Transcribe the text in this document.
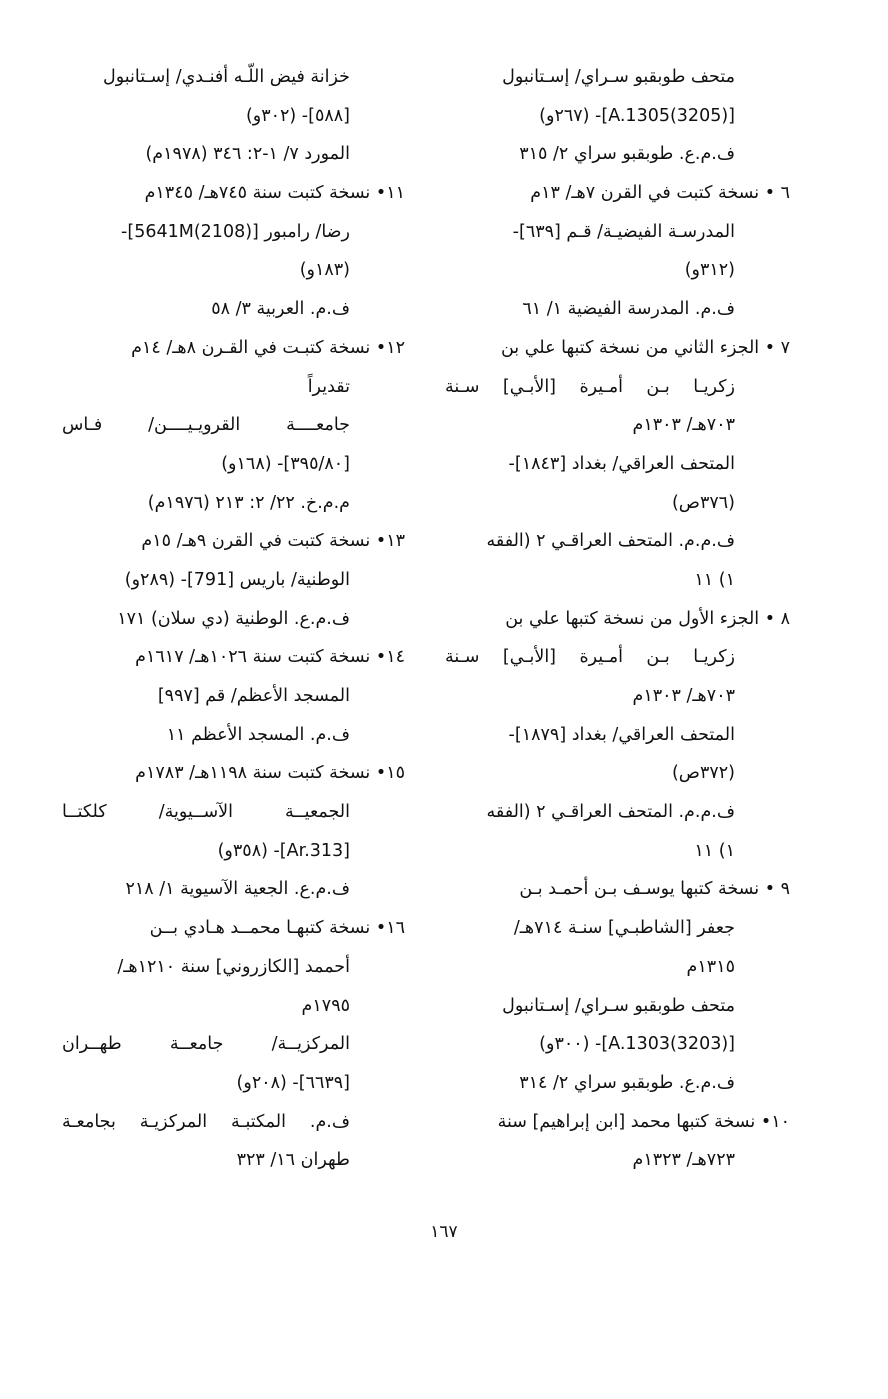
متحف طوبقبو سـراي/ إسـتانبول
[(3205)A.1305]- (٢٦٧و)
ف.م.ع. طوبقبو سراي ٢/ ٣١٥
٦ • نسخة كتبت في القرن ٧هـ/ ١٣م
المدرسـة الفيضيـة/ قـم [٦٣٩]-
(٣١٢و)
ف.م. المدرسة الفيضية ١/ ٦١
٧ • الجزء الثاني من نسخة كتبها علي بن
زكريـا بـن أمـيرة [الأبـي] سـنة
٧٠٣هـ/ ١٣٠٣م
المتحف العراقي/ بغداد [١٨٤٣]-
(٣٧٦ص)
ف.م.م. المتحف العراقـي ٢ (الفقه
١) ١١
٨ • الجزء الأول من نسخة كتبها علي بن
زكريـا بـن أمـيرة [الأبـي] سـنة
٧٠٣هـ/ ١٣٠٣م
المتحف العراقي/ بغداد [١٨٧٩]-
(٣٧٢ص)
ف.م.م. المتحف العراقـي ٢ (الفقه
١) ١١
٩ • نسخة كتبها يوسـف بـن أحمـد بـن
جعفر [الشاطبـي] سنـة ٧١٤هـ/
١٣١٥م
متحف طوبقبو سـراي/ إسـتانبول
[(3203)A.1303]- (٣٠٠و)
ف.م.ع. طوبقبو سراي ٢/ ٣١٤
١٠• نسخة كتبها محمد [ابن إبراهيم] سنة
٧٢٣هـ/ ١٣٢٣م
خزانة فيض اللّـه أفنـدي/ إسـتانبول
[٥٨٨]- (٣٠٢و)
المورد ٧/ ١-٢: ٣٤٦ (١٩٧٨م)
١١• نسخة كتبت سنة ٧٤٥هـ/ ١٣٤٥م
رضا/ رامبور [(2108)5641M]-
(١٨٣و)
ف.م. العربية ٣/ ٥٨
١٢• نسخة كتبـت في القـرن ٨هـ/ ١٤م
تقديراً
جامعــــة القرويـيــــن/ فـاس
[٣٩٥/٨٠]- (١٦٨و)
م.م.خ. ٢٢/ ٢: ٢١٣ (١٩٧٦م)
١٣• نسخة كتبت في القرن ٩هـ/ ١٥م
الوطنية/ باريس [791]- (٢٨٩و)
ف.م.ع. الوطنية (دي سلان) ١٧١
١٤• نسخة كتبت سنة ١٠٢٦هـ/ ١٦١٧م
المسجد الأعظم/ قم [٩٩٧]
ف.م. المسجد الأعظم ١١
١٥• نسخة كتبت سنة ١١٩٨هـ/ ١٧٨٣م
الجمعيــة الآســيوية/ كلكتــا
[Ar.313]- (٣٥٨و)
ف.م.ع. الجعية الآسيوية ١/ ٢١٨
١٦• نسخة كتبهـا محمــد هـادي بــن
أحممد [الكازروني] سنة ١٢١٠هـ/
١٧٩٥م
المركزيــة/ جامعــة طهــران
[٦٦٣٩]- (٢٠٨و)
ف.م. المكتبـة المركزيـة بجامعـة
طهران ١٦/ ٣٢٣
١٦٧
